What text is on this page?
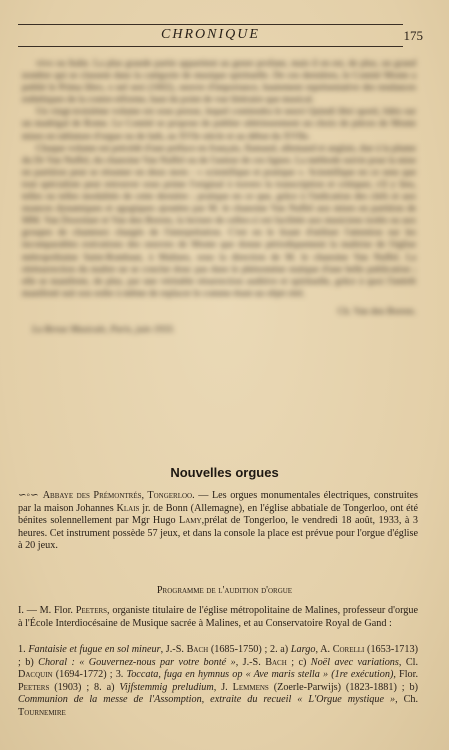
CHRONIQUE	175

vivo ou Italie. La plus grande partie appartient au genre profane, mais il en est, de plus, un grand nombre qui se classent dans la catégorie de musique spirituelle. De ces dernières, le Comité Monte a publié le Prima libro, o nel sesi (1602), oeuvre d'importance, hautement représentative des tendances esthétiques de la contre-réforme, haut du point de vue littéraire que musical.

Un vingt-troisième volume est sous presse, lequel contiendra le neuvi Quindi libri sporti, bâtis sur un madrigal de Rome. Le Comité se propose de publier ultérieurement un choix de pièces de Monte mises en tablature d'orgue ou de luth, au XVIe siècle et au début du XVIIe.

Chaque volume est précédé d'une préface en français, flamand, allemand et anglais, due à la plume du Dr Van Nuffel, du chanoine Van Nuffel ou de l'auteur de ces lignes. La méthode suivie pour la mise en partition peut se résumer en deux mots : « scientifique et pratique ». Scientifique en ce sens que tout spécialiste peut retrouver sous prime l'original à travers la transcription et critiquer, s'il y lieu, telles ou telles modalités de cette dernière ; pratique en ce que, grâce à l'indication des clefs et aux nuances dynamiques et agogiques ajoutées par M. le chanoine Van Nuffel aux mises en partition de MM. Van Doorslaer et Van den Borren, la lecture de celles-ci est facilitée aux musiciens isolés ou aux groupes de chanteurs chargés de l'interprétation. C'est en le lisant d'utiliser l'attention sur les incomparables exécutions des oeuvres de Monte que donne périodiquement la maîtrise de l'église métropolitaine Saint-Rombaut, à Malines, sous la direction de M. le chanoine Van Nuffel. La rérésurrection du maître ne se conclut donc pas dans le phénomène statique d'une belle publication ; elle se manifeste, de plus, par une véritable résurrection auditive et spirituelle, grâce à quoi l'intérêt manifesté suit son ordre à même de replacer le comme étant un objet réel.

Ch. Van den Borren.
La Revue Musicale, Paris, juin 1933.
Nouvelles orgues
∽◦∽ Abbaye des Prémontrés, Tongerloo. — Les orgues monumentales électriques, construites par la maison Johannes Klais jr. de Bonn (Allemagne), en l'église abbatiale de Tongerloo, ont été bénites solennellement par Mgr Hugo Lamy,prélat de Tongerloo, le vendredi 18 août, 1933, à 3 heures. Cet instrument possède 57 jeux, et dans la console la place est prévue pour l'orgue d'église à 20 jeux.
Programme de l'audition d'orgue
I. — M. Flor. Peeters, organiste titulaire de l'église métropolitaine de Malines, professeur d'orgue à l'École Interdiocésaine de Musique sacrée à Malines, et au Conservatoire Royal de Gand :
1. Fantaisie et fugue en sol mineur, J.-S. Bach (1685-1750) ; 2. a) Largo, A. Corelli (1653-1713) ; b) Choral : « Gouvernez-nous par votre bonté », J.-S. Bach ; c) Noël avec variations, Cl. Dacquin (1694-1772) ; 3. Toccata, fuga en hymnus op « Ave maris stella » (1re exécution), Flor. Peeters (1903) ; 8. a) Vijfstemmig preludium, J. Lemmens (Zoerle-Parwijs) (1823-1881) ; b) Communion de la messe de l'Assomption, extraite du recueil « L'Orgue mystique », Ch. Tournemire
